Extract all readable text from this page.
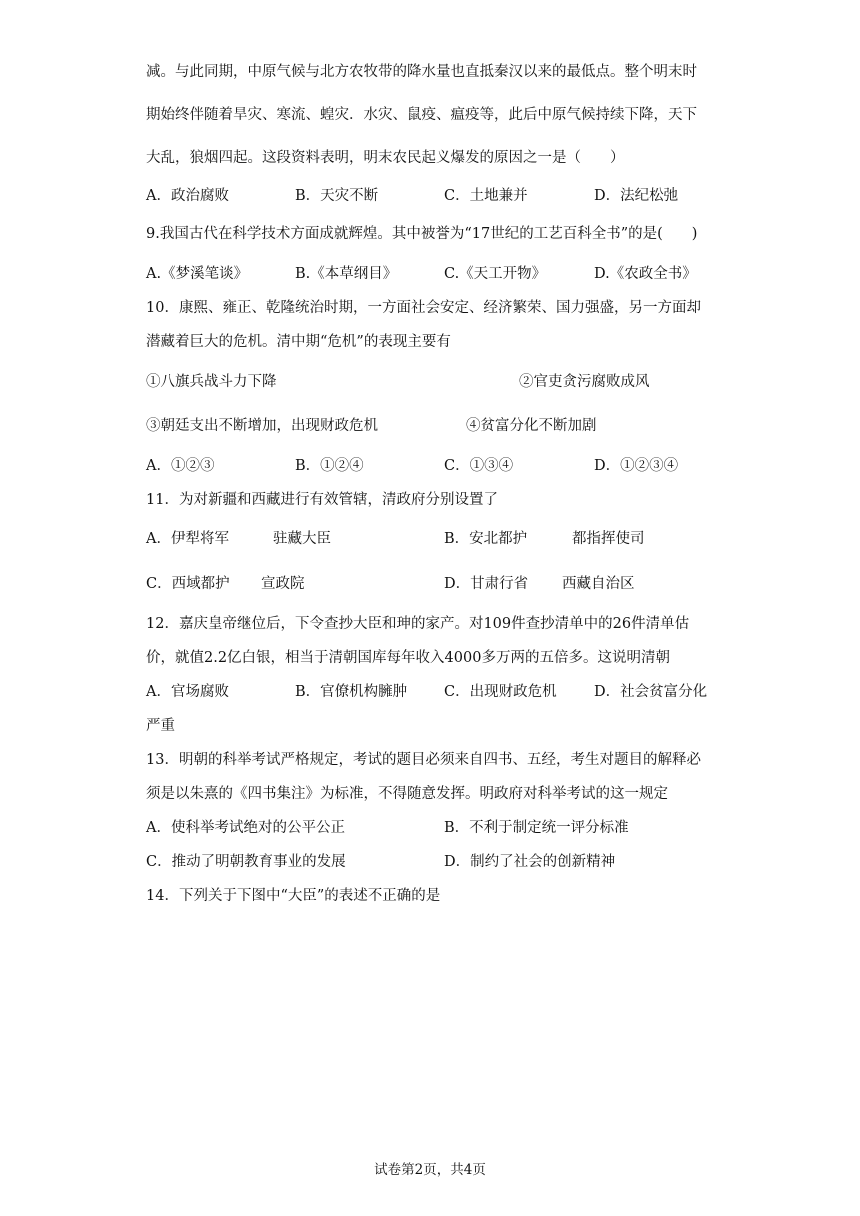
减。与此同期，中原气候与北方农牧带的降水量也直抵秦汉以来的最低点。整个明末时
期始终伴随着旱灾、寒流、蝗灾．水灾、鼠疫、瘟疫等，此后中原气候持续下降，天下
大乱，狼烟四起。这段资料表明，明末农民起义爆发的原因之一是（　　）
A．政治腐败	B．天灾不断	C．土地兼并	D．法纪松弛
9.我国古代在科学技术方面成就辉煌。其中被誉为“17世纪的工艺百科全书”的是(　　)
A.《梦溪笔谈》	B.《本草纲目》	C.《天工开物》	D.《农政全书》
10．康熙、雍正、乾隆统治时期，一方面社会安定、经济繁荣、国力强盛，另一方面却
潜藏着巨大的危机。清中期“危机”的表现主要有
①八旗兵战斗力下降	②官吏贪污腐败成风
③朝廷支出不断增加，出现财政危机	④贫富分化不断加剧
A．①②③	B．①②④	C．①③④	D．①②③④
11．为对新疆和西藏进行有效管辖，清政府分别设置了
A．伊犁将军	驻藏大臣	B．安北都护	都指挥使司
C．西域都护 宣政院	D．甘肃行省 西藏自治区
12．嘉庆皇帝继位后，下令查抄大臣和珅的家产。对109件查抄清单中的26件清单估
价，就值2.2亿白银，相当于清朝国库每年收入4000多万两的五倍多。这说明清朝
A．官场腐败	B．官僚机构臃肿	C．出现财政危机	D．社会贫富分化
严重
13．明朝的科举考试严格规定，考试的题目必须来自四书、五经，考生对题目的解释必
须是以朱熹的《四书集注》为标准，不得随意发挥。明政府对科举考试的这一规定
A．使科举考试绝对的公平公正	B．不利于制定统一评分标准
C．推动了明朝教育事业的发展	D．制约了社会的创新精神
14．下列关于下图中“大臣”的表述不正确的是
试卷第2页，共4页
